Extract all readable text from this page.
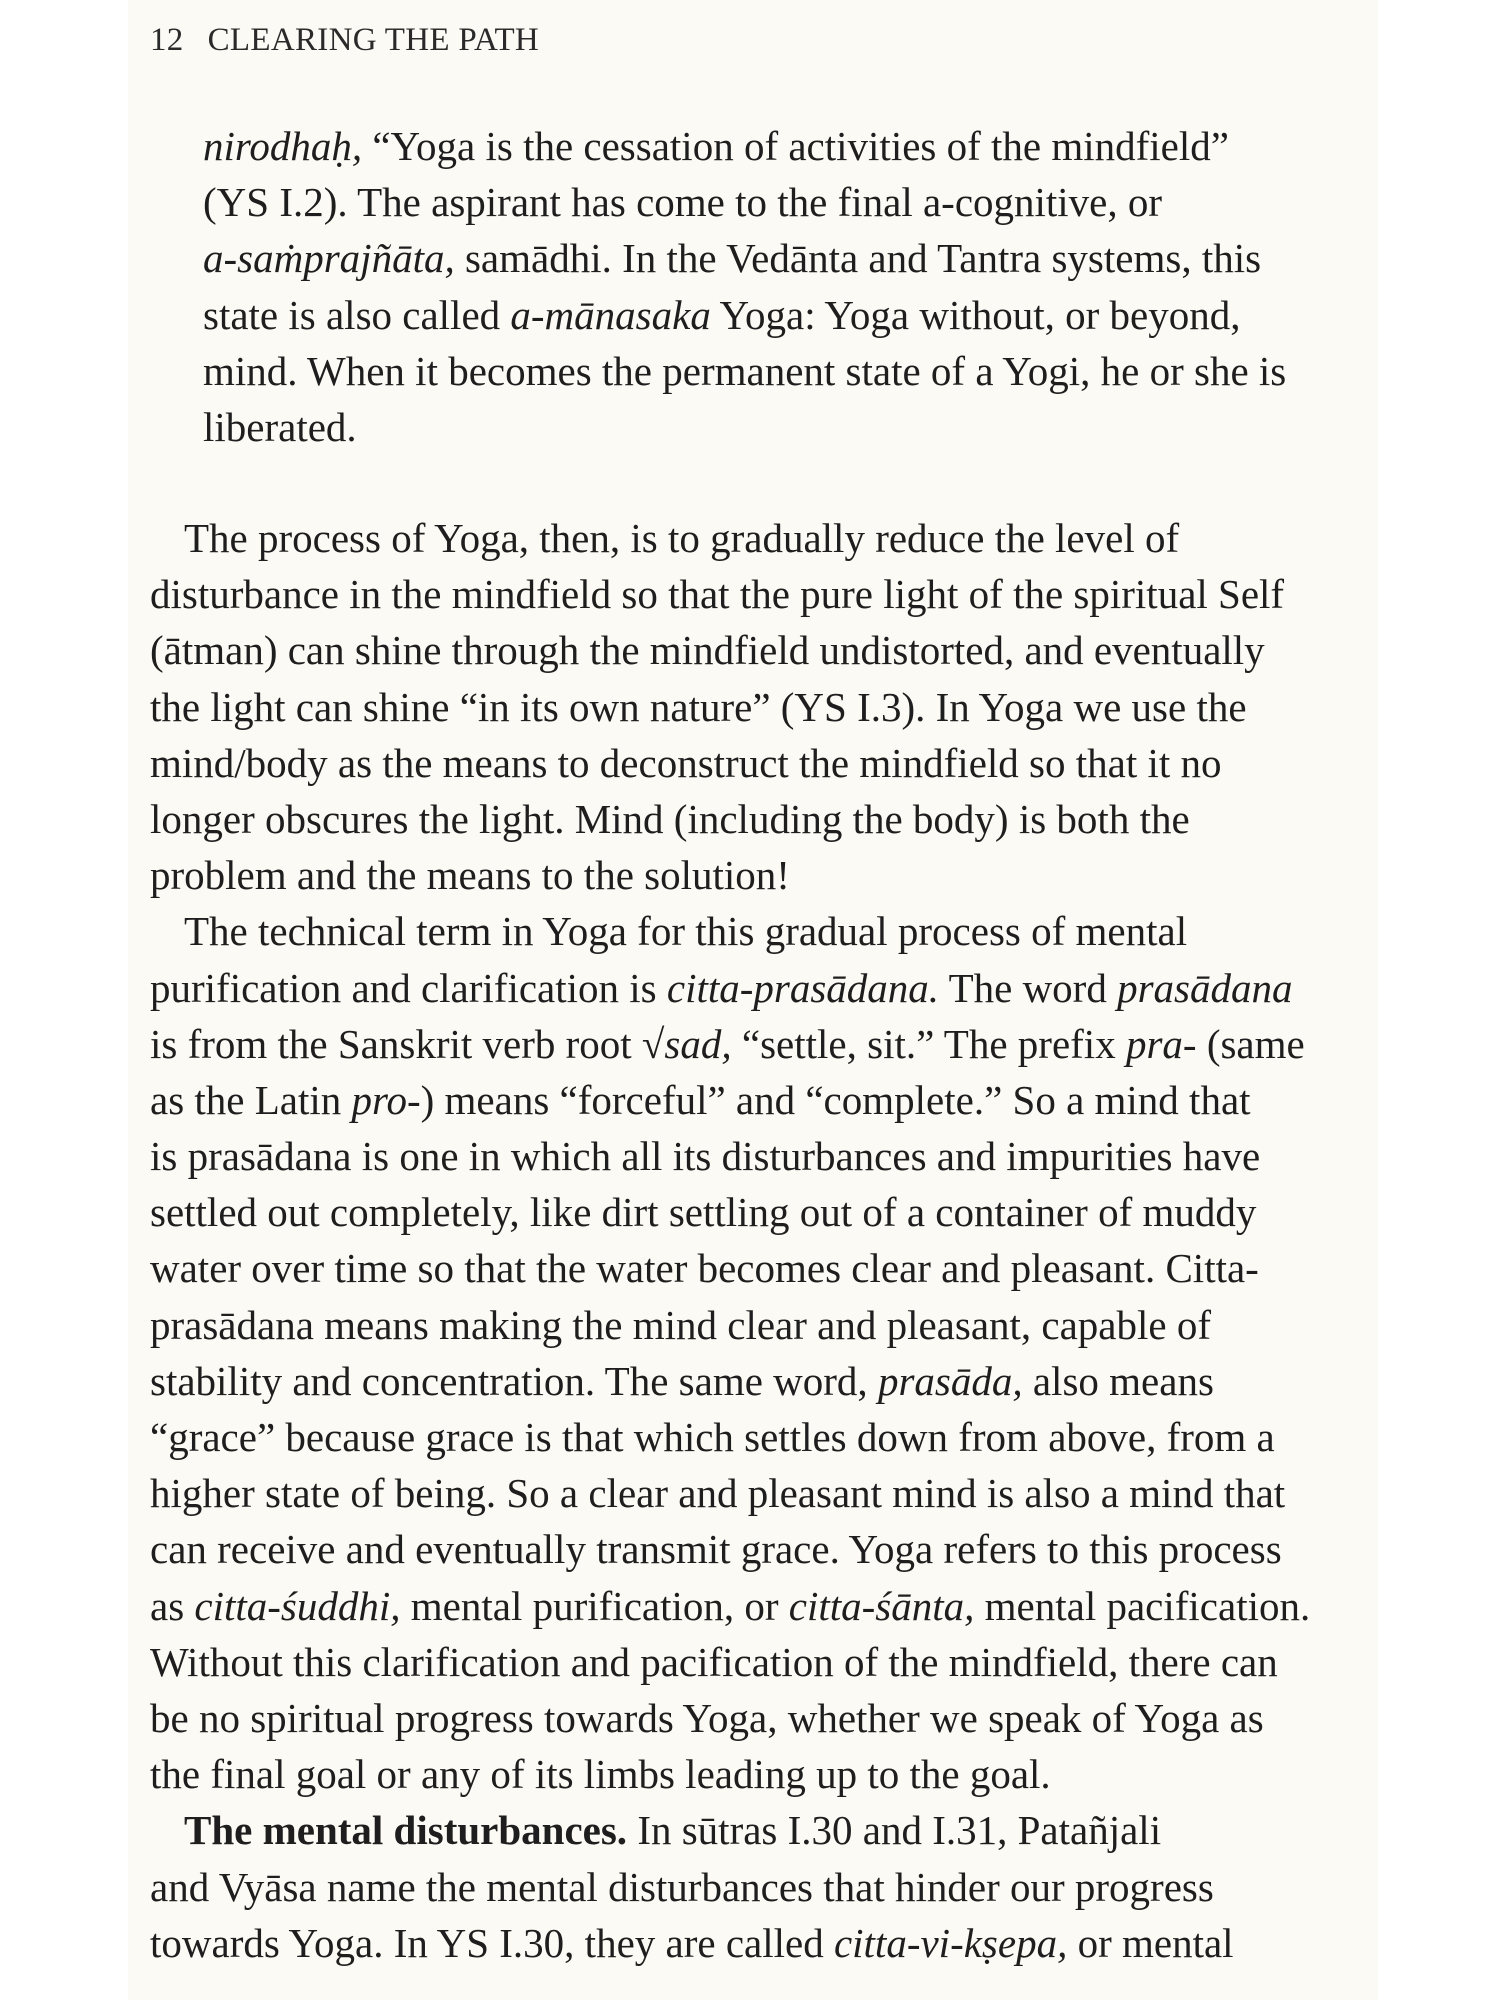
12 CLEARING THE PATH
nirodhaḥ, “Yoga is the cessation of activities of the mindfield”
(YS I.2). The aspirant has come to the final a-cognitive, or
a-saṁprajñāta, samādhi. In the Vedānta and Tantra systems, this
state is also called a-mānasaka Yoga: Yoga without, or beyond,
mind. When it becomes the permanent state of a Yogi, he or she is
liberated.
The process of Yoga, then, is to gradually reduce the level of
disturbance in the mindfield so that the pure light of the spiritual Self
(ātman) can shine through the mindfield undistorted, and eventually
the light can shine “in its own nature” (YS I.3). In Yoga we use the
mind/body as the means to deconstruct the mindfield so that it no
longer obscures the light. Mind (including the body) is both the
problem and the means to the solution!
The technical term in Yoga for this gradual process of mental
purification and clarification is citta-prasādana. The word prasādana
is from the Sanskrit verb root √sad, “settle, sit.” The prefix pra- (same
as the Latin pro-) means “forceful” and “complete.” So a mind that
is prasādana is one in which all its disturbances and impurities have
settled out completely, like dirt settling out of a container of muddy
water over time so that the water becomes clear and pleasant. Citta-
prasādana means making the mind clear and pleasant, capable of
stability and concentration. The same word, prasāda, also means
“grace” because grace is that which settles down from above, from a
higher state of being. So a clear and pleasant mind is also a mind that
can receive and eventually transmit grace. Yoga refers to this process
as citta-śuddhi, mental purification, or citta-śānta, mental pacification.
Without this clarification and pacification of the mindfield, there can
be no spiritual progress towards Yoga, whether we speak of Yoga as
the final goal or any of its limbs leading up to the goal.
The mental disturbances. In sūtras I.30 and I.31, Patañjali
and Vyāsa name the mental disturbances that hinder our progress
towards Yoga. In YS I.30, they are called citta-vi-kṣepa, or mental
